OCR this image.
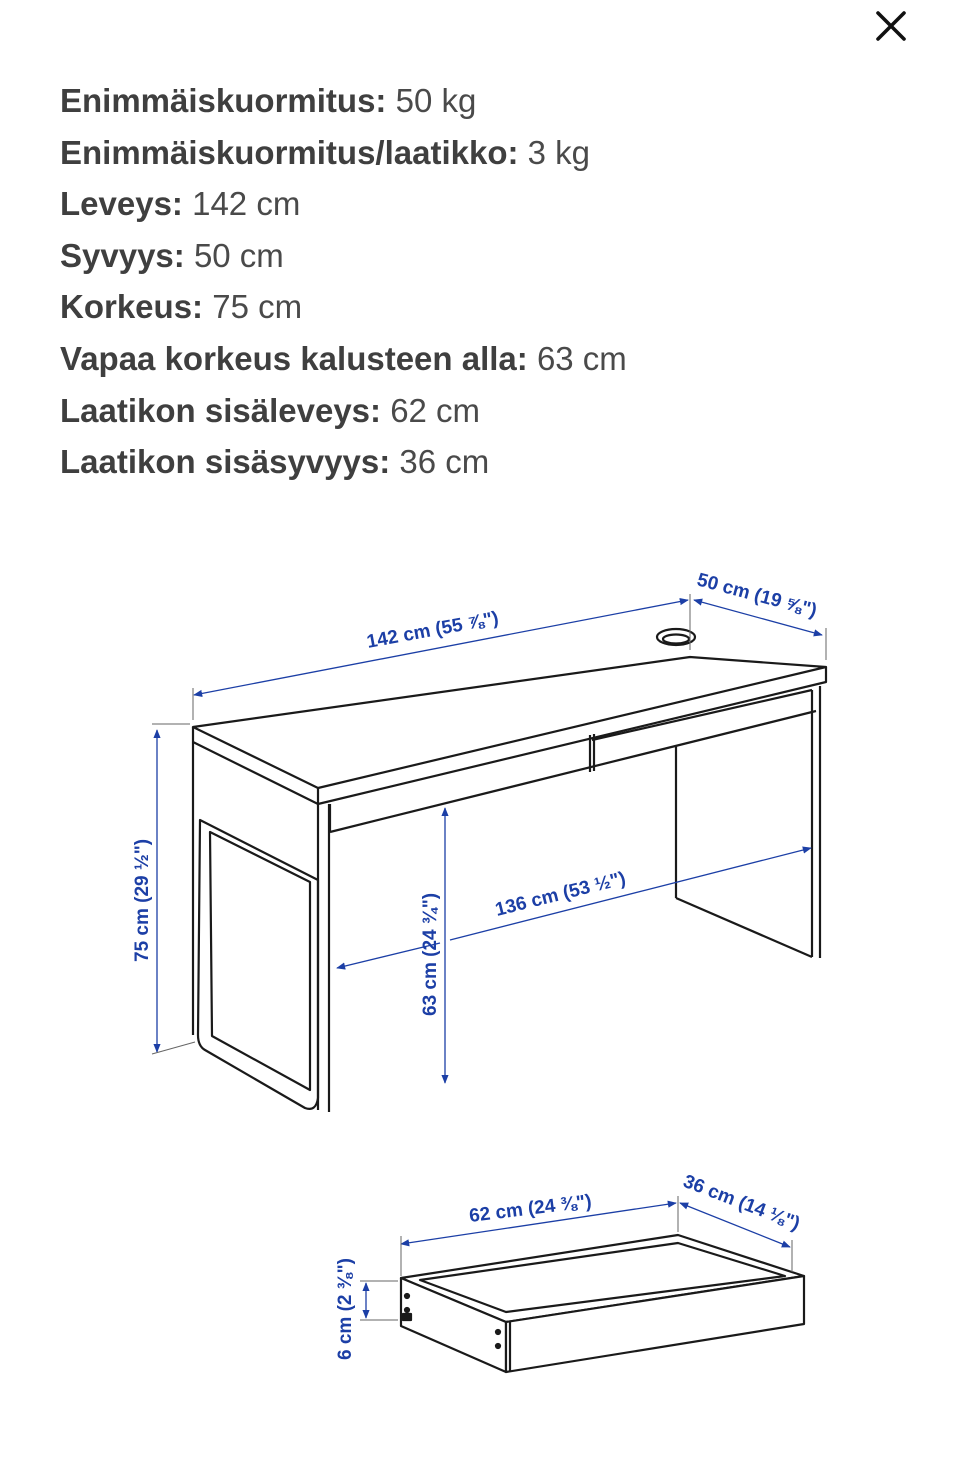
Enimmäiskuormitus: 50 kg
Enimmäiskuormitus/laatikko: 3 kg
Leveys: 142 cm
Syvyys: 50 cm
Korkeus: 75 cm
Vapaa korkeus kalusteen alla: 63 cm
Laatikon sisäleveys: 62 cm
Laatikon sisäsyvyys: 36 cm
142 cm (55 ⅞")
50 cm (19 ⅝")
75 cm (29 ½")	63 cm (24 ¾")	136 cm (53 ½")
62 cm (24 ⅜")	36 cm (14 ⅛")
6 cm (2 ⅜")
